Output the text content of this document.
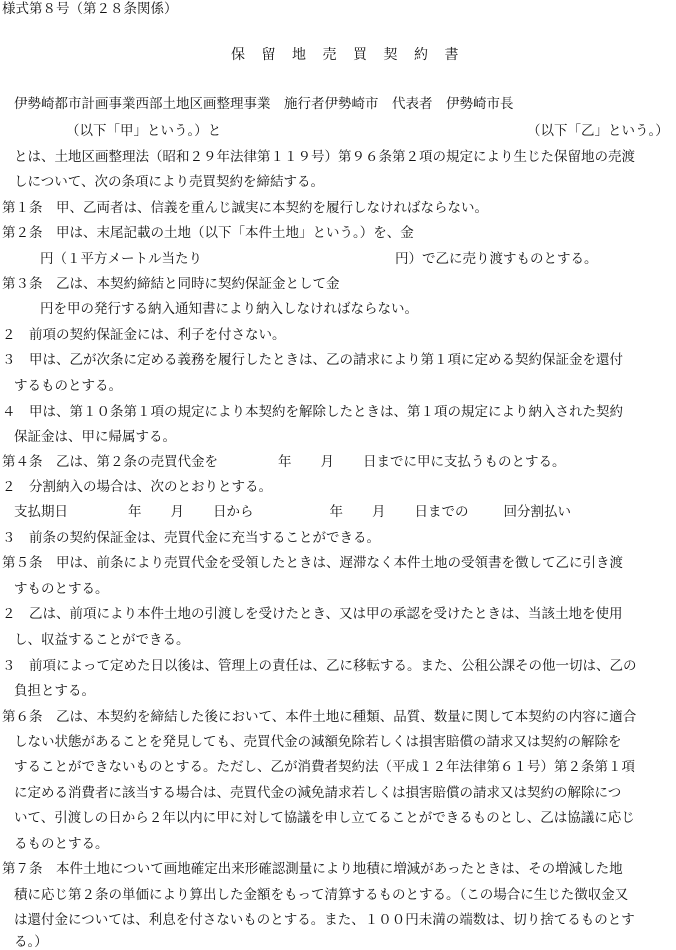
様式第８号（第２８条関係）
保留地売買契約書
伊勢崎都市計画事業西部土地区画整理事業　施行者伊勢崎市　代表者　伊勢崎市長
（以下「甲」という。）と	（以下「乙」という。）
とは、土地区画整理法（昭和２９年法律第１１９号）第９６条第２項の規定により生じた保留地の売渡
しについて、次の条項により売買契約を締結する。
第１条　甲、乙両者は、信義を重んじ誠実に本契約を履行しなければならない。
第２条　甲は、末尾記載の土地（以下「本件土地」という。）を、金
円（１平方メートル当たり	円）で乙に売り渡すものとする。
第３条　乙は、本契約締結と同時に契約保証金として金
円を甲の発行する納入通知書により納入しなければならない。
２　前項の契約保証金には、利子を付さない。
３　甲は、乙が次条に定める義務を履行したときは、乙の請求により第１項に定める契約保証金を還付
するものとする。
４　甲は、第１０条第１項の規定により本契約を解除したときは、第１項の規定により納入された契約
保証金は、甲に帰属する。
第４条　乙は、第２条の売買代金を	年 月 日までに甲に支払うものとする。
２　分割納入の場合は、次のとおりとする。
支払期日	年 月 日から	年 月 日までの	回分割払い
３　前条の契約保証金は、売買代金に充当することができる。
第５条　甲は、前条により売買代金を受領したときは、遅滞なく本件土地の受領書を徴して乙に引き渡
すものとする。
２　乙は、前項により本件土地の引渡しを受けたとき、又は甲の承認を受けたときは、当該土地を使用
し、収益することができる。
３　前項によって定めた日以後は、管理上の責任は、乙に移転する。また、公租公課その他一切は、乙の
負担とする。
第６条　乙は、本契約を締結した後において、本件土地に種類、品質、数量に関して本契約の内容に適合
しない状態があることを発見しても、売買代金の減額免除若しくは損害賠償の請求又は契約の解除を
することができないものとする。ただし、乙が消費者契約法（平成１２年法律第６１号）第２条第１項
に定める消費者に該当する場合は、売買代金の減免請求若しくは損害賠償の請求又は契約の解除につ
いて、引渡しの日から２年以内に甲に対して協議を申し立てることができるものとし、乙は協議に応じ
るものとする。
第７条　本件土地について画地確定出来形確認測量により地積に増減があったときは、その増減した地
積に応じ第２条の単価により算出した金額をもって清算するものとする。（この場合に生じた徴収金又
は還付金については、利息を付さないものとする。また、１００円未満の端数は、切り捨てるものとす
る。）
